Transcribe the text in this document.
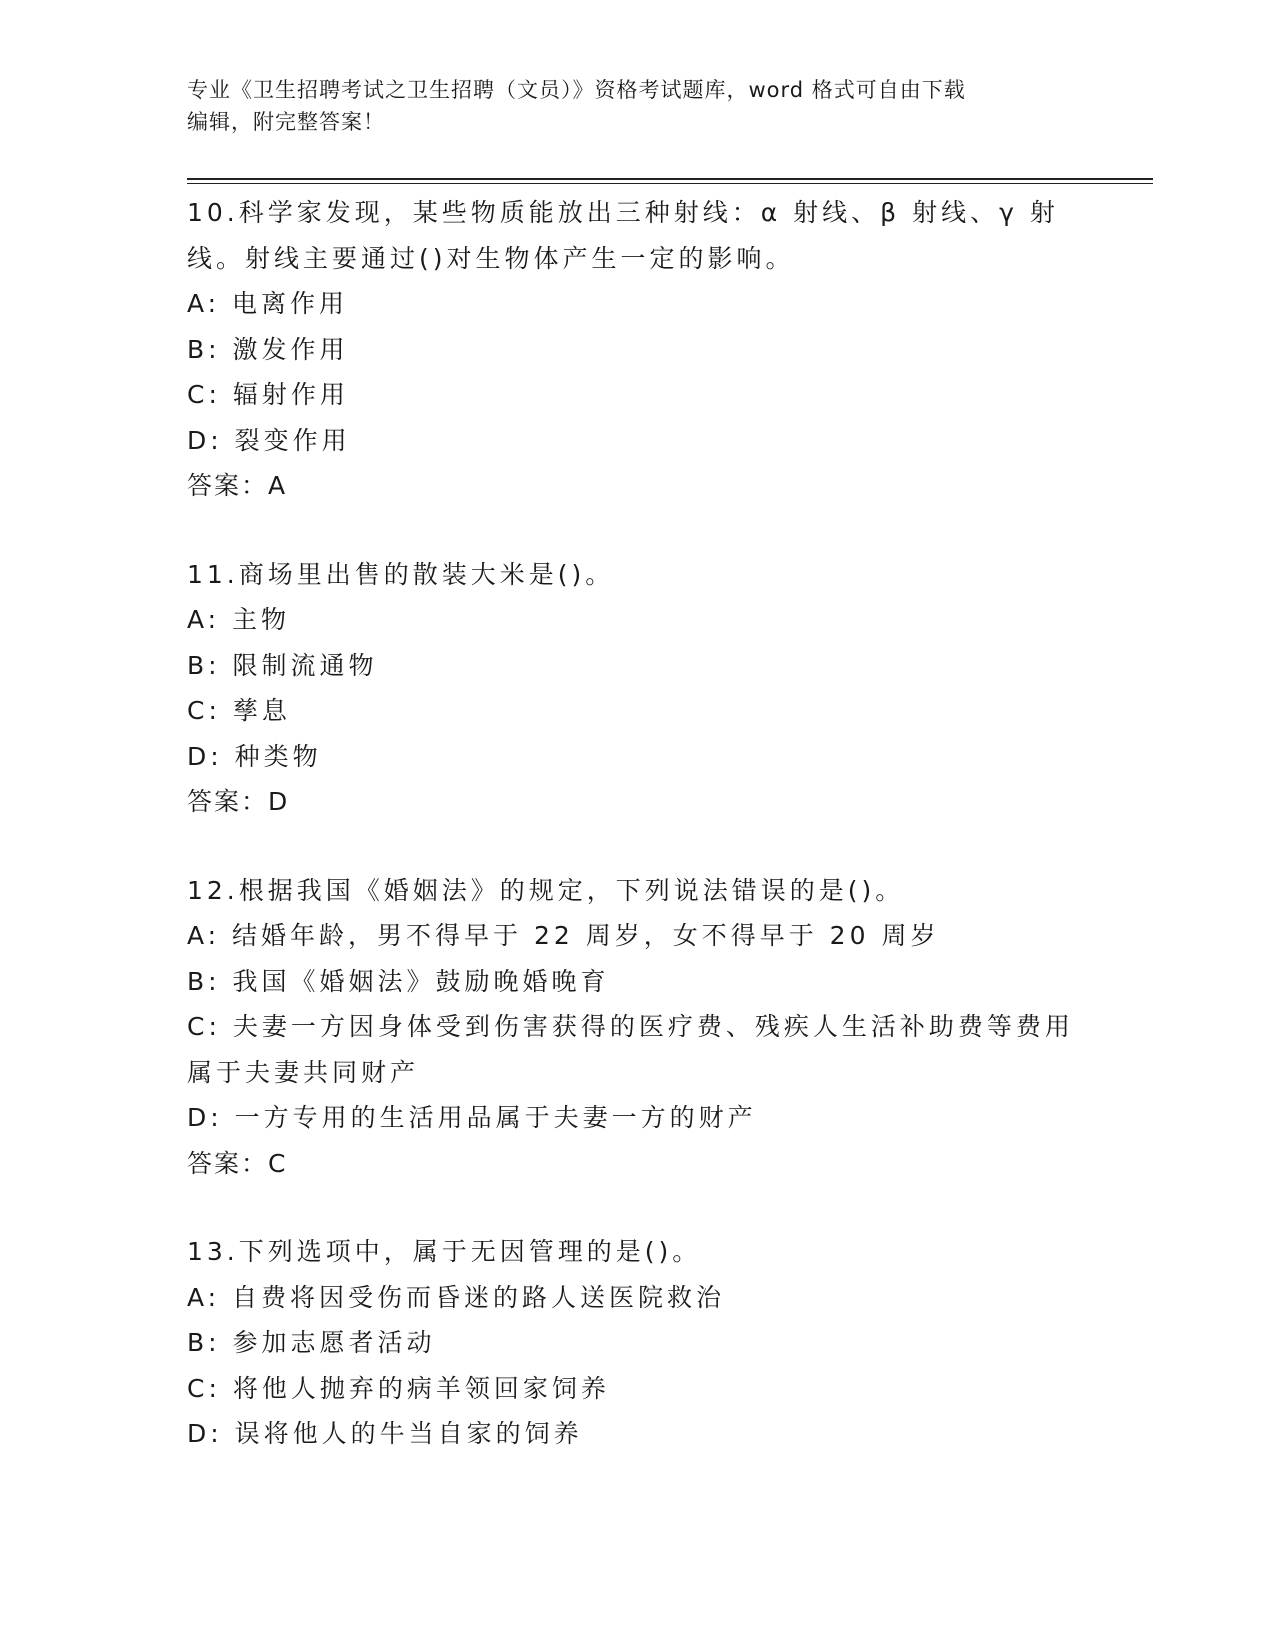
专业《卫生招聘考试之卫生招聘（文员）》资格考试题库，word 格式可自由下载
编辑，附完整答案！
10.科学家发现，某些物质能放出三种射线：α 射线、β 射线、γ 射
线。射线主要通过()对生物体产生一定的影响。
A: 电离作用
B: 激发作用
C: 辐射作用
D: 裂变作用
答案：A
11.商场里出售的散装大米是()。
A: 主物
B: 限制流通物
C: 孳息
D: 种类物
答案：D
12.根据我国《婚姻法》的规定，下列说法错误的是()。
A: 结婚年龄，男不得早于 22 周岁，女不得早于 20 周岁
B: 我国《婚姻法》鼓励晚婚晚育
C: 夫妻一方因身体受到伤害获得的医疗费、残疾人生活补助费等费用
属于夫妻共同财产
D: 一方专用的生活用品属于夫妻一方的财产
答案：C
13.下列选项中，属于无因管理的是()。
A: 自费将因受伤而昏迷的路人送医院救治
B: 参加志愿者活动
C: 将他人抛弃的病羊领回家饲养
D: 误将他人的牛当自家的饲养
